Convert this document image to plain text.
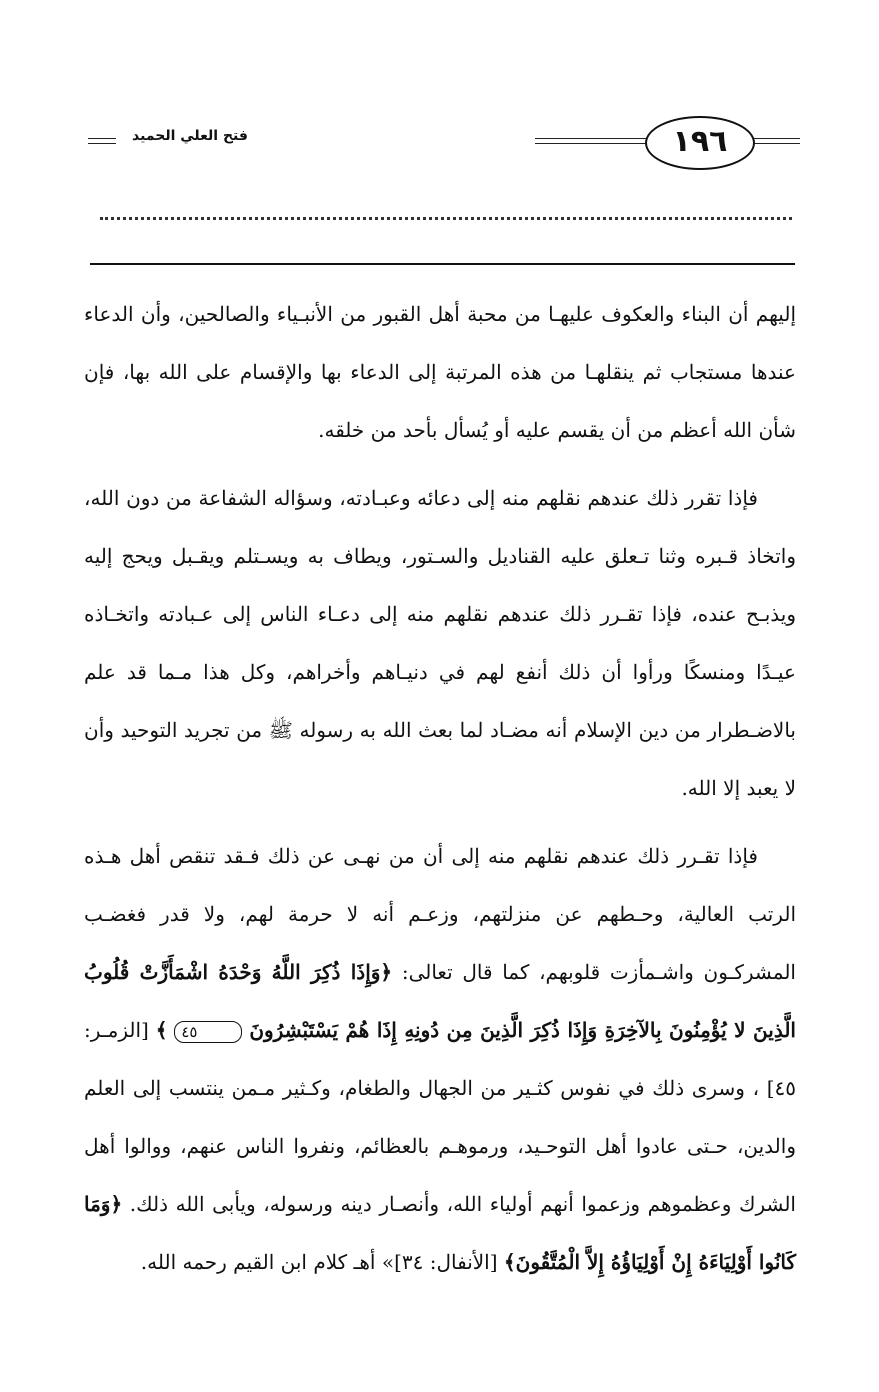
فتح العلي الحميد	١٩٦

إليهم أن البناء والعكوف عليهـا من محبة أهل القبور من الأنبـياء والصالحين، وأن الدعاء عندها مستجاب ثم ينقلهـا من هذه المرتبة إلى الدعاء بها والإقسام على الله بها، فإن شأن الله أعظم من أن يقسم عليه أو يُسأل بأحد من خلقه.

فإذا تقرر ذلك عندهم نقلهم منه إلى دعائه وعبـادته، وسؤاله الشفاعة من دون الله، واتخاذ قـبره وثنا تـعلق عليه القناديل والسـتور، ويطاف به ويسـتلم ويقـبل ويحج إليه ويذبـح عنده، فإذا تقـرر ذلك عندهم نقلهم منه إلى دعـاء الناس إلى عـبادته واتخـاذه عيـدًا ومنسكًا ورأوا أن ذلك أنفع لهم في دنيـاهم وأخراهم، وكل هذا مـما قد علم بالاضـطرار من دين الإسلام أنه مضـاد لما بعث الله به رسوله ﷺ من تجريد التوحيد وأن لا يعبد إلا الله.

فإذا تقـرر ذلك عندهم نقلهم منه إلى أن من نهـى عن ذلك فـقد تنقص أهل هـذه الرتب العالية، وحـطهم عن منزلتهم، وزعـم أنه لا حرمة لهم، ولا قدر فغضـب المشركـون واشـمأزت قلوبهم، كما قال تعالى: ﴿وَإِذَا ذُكِرَ اللَّهُ وَحْدَهُ اشْمَأَزَّتْ قُلُوبُ الَّذِينَ لا يُؤْمِنُونَ بِالآخِرَةِ وَإِذَا ذُكِرَ الَّذِينَ مِن دُونِهِ إِذَا هُمْ يَسْتَبْشِرُونَ ٤٥ ﴾ [الزمـر: ٤٥] ، وسرى ذلك في نفوس كثـير من الجهال والطغام، وكـثير مـمن ينتسب إلى العلم والدين، حـتى عادوا أهل التوحـيد، ورموهـم بالعظائم، ونفروا الناس عنهم، ووالوا أهل الشرك وعظموهم وزعموا أنهم أولياء الله، وأنصـار دينه ورسوله، ويأبى الله ذلك. ﴿وَمَا كَانُوا أَوْلِيَاءَهُ إِنْ أَوْلِيَاؤُهُ إِلاَّ الْمُتَّقُونَ﴾ [الأنفال: ٣٤]» أهـ كلام ابن القيم رحمه الله.
